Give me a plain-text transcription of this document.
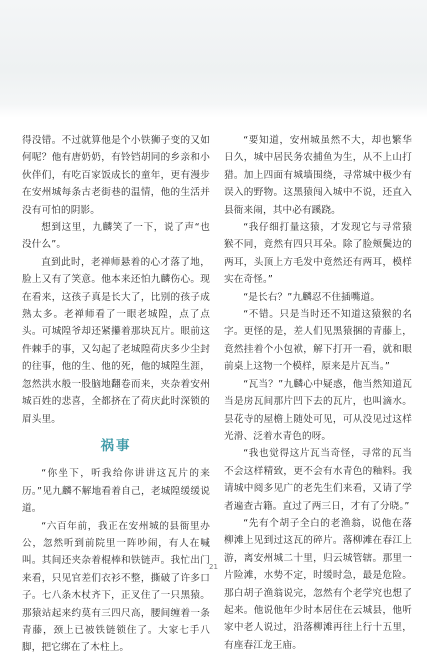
得没错。不过就算他是个小铁狮子变的又如何呢？他有唐奶奶，有铃铛胡同的乡亲和小伙伴们，有吃百家饭成长的童年，更有漫步在安州城每条古老街巷的温情，他的生活并没有可怕的阴影。

想到这里，九麟笑了一下，说了声“也没什么”。

直到此时，老禅师悬着的心才落了地，脸上又有了笑意。他本来还怕九麟伤心。现在看来，这孩子真是长大了，比别的孩子成熟太多。老禅师看了一眼老城隍，点了点头。可城隍爷却还紧攥着那块瓦片。眼前这件棘手的事，又勾起了老城隍荷庆多少尘封的往事，他的生、他的死，他的城隍生涯，忽然洪水般一股脑地翻卷而来，夹杂着安州城百姓的悲喜，全都挤在了荷庆此时深锁的眉头里。

祸事

“你坐下，听我给你讲讲这瓦片的来历。”见九麟不解地看着自己，老城隍缓缓说道。

“六百年前，我正在安州城的县衙里办公，忽然听到前院里一阵吵闹，有人在喊叫。其间还夹杂着棍棒和铁链声。我忙出门来看，只见官差们衣衫不整，撕破了许多口子。七八条木杖齐下，正叉住了一只黑猿。那猿站起来约莫有三四尺高，腰间缠着一条青藤，颈上已被铁链锁住了。大家七手八脚，把它绑在了木柱上。

“要知道，安州城虽然不大，却也繁华日久，城中居民务农捕鱼为生，从不上山打猎。加上四面有城墙围绕，寻常城中极少有误入的野物。这黑猿闯入城中不说，还直入县衙来闹，其中必有蹊跷。

“我仔细打量这猿，才发现它与寻常猿猴不同，竟然有四只耳朵。除了脸颊鬓边的两耳，头顶上方毛发中竟然还有两耳，模样实在奇怪。”

“是长右？”九麟忍不住插嘴道。

“不错。只是当时还不知道这猿猴的名字。更怪的是，差人们见黑猿捆的青藤上，竟然挂着个小包袱，解下打开一看，就和眼前桌上这物一个模样，原来是片瓦当。”

“瓦当？”九麟心中疑惑，他当然知道瓦当是房瓦间那片凹下去的瓦片，也叫滴水。昙花寺的屋檐上随处可见，可从没见过这样光滑、泛着水青色的呀。

“我也觉得这片瓦当奇怪，寻常的瓦当不会这样精致，更不会有水青色的釉料。我请城中阅多见广的老先生们来看，又请了学者遍查古籍。直过了两三日，才有了分晓。”

“先有个胡子全白的老渔翁，说他在落柳滩上见到过这瓦的碎片。落柳滩在春江上游，离安州城二十里，归云城管辖。那里一片险滩，水势不定，时缓时急，最是危险。那白胡子渔翁说完，忽然有个老学究也想了起来。他说他年少时本居住在云城县，他听家中老人说过，沿落柳滩再往上行十五里，有座春江龙王庙。

21
